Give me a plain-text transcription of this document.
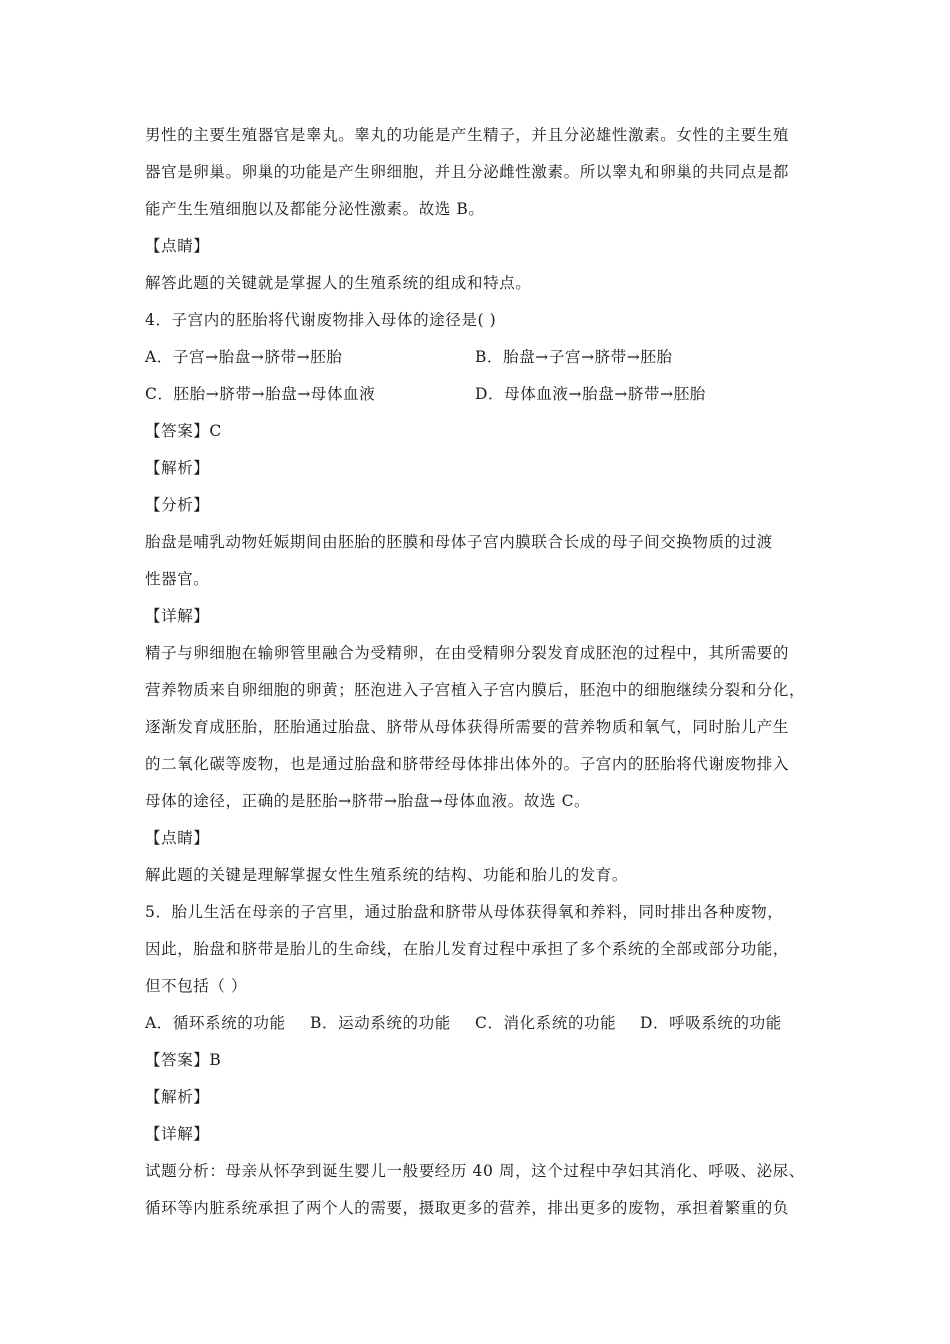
男性的主要生殖器官是睾丸。睾丸的功能是产生精子，并且分泌雄性激素。女性的主要生殖
器官是卵巢。卵巢的功能是产生卵细胞，并且分泌雌性激素。所以睾丸和卵巢的共同点是都
能产生生殖细胞以及都能分泌性激素。故选 B。
【点睛】
解答此题的关键就是掌握人的生殖系统的组成和特点。
4．子宫内的胚胎将代谢废物排入母体的途径是( )
A．子宫→胎盘→脐带→胚胎	B．胎盘→子宫→脐带→胚胎
C．胚胎→脐带→胎盘→母体血液	D．母体血液→胎盘→脐带→胚胎
【答案】C
【解析】
【分析】
胎盘是哺乳动物妊娠期间由胚胎的胚膜和母体子宫内膜联合长成的母子间交换物质的过渡
性器官。
【详解】
精子与卵细胞在输卵管里融合为受精卵，在由受精卵分裂发育成胚泡的过程中，其所需要的
营养物质来自卵细胞的卵黄；胚泡进入子宫植入子宫内膜后，胚泡中的细胞继续分裂和分化，
逐渐发育成胚胎，胚胎通过胎盘、脐带从母体获得所需要的营养物质和氧气，同时胎儿产生
的二氧化碳等废物，也是通过胎盘和脐带经母体排出体外的。子宫内的胚胎将代谢废物排入
母体的途径，正确的是胚胎→脐带→胎盘→母体血液。故选 C。
【点睛】
解此题的关键是理解掌握女性生殖系统的结构、功能和胎儿的发育。
5．胎儿生活在母亲的子宫里，通过胎盘和脐带从母体获得氧和养料，同时排出各种废物，
因此，胎盘和脐带是胎儿的生命线，在胎儿发育过程中承担了多个系统的全部或部分功能，
但不包括（ ）
A．循环系统的功能 B．运动系统的功能 C．消化系统的功能 D．呼吸系统的功能
【答案】B
【解析】
【详解】
试题分析：母亲从怀孕到诞生婴儿一般要经历 40 周，这个过程中孕妇其消化、呼吸、泌尿、
循环等内脏系统承担了两个人的需要，摄取更多的营养，排出更多的废物，承担着繁重的负
